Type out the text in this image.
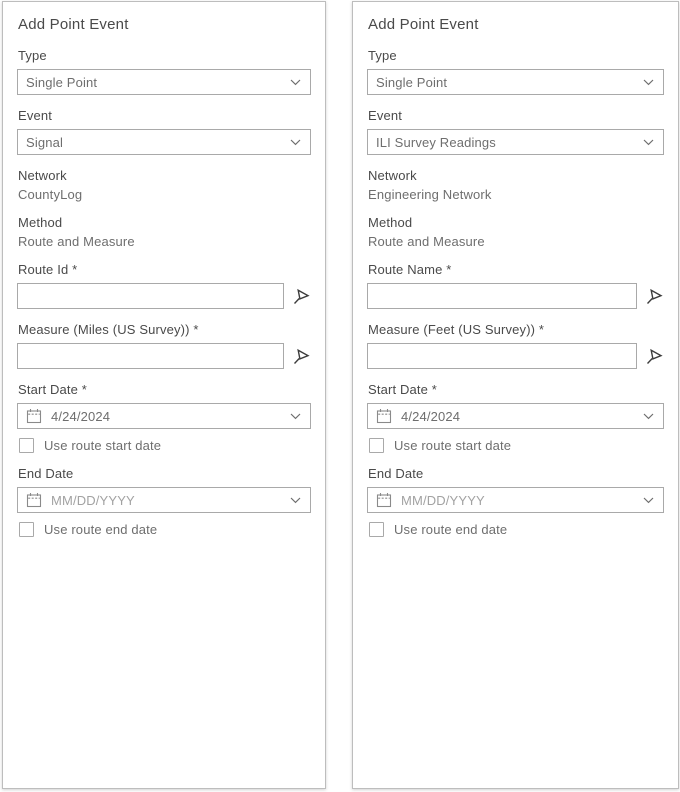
Add Point Event
Type
Single Point
Event
Signal
Network
CountyLog
Method
Route and Measure
Route Id *
Measure (Miles (US Survey)) *
Start Date *
4/24/2024
Use route start date
End Date
MM/DD/YYYY
Use route end date
Add Point Event
Type
Single Point
Event
ILI Survey Readings
Network
Engineering Network
Method
Route and Measure
Route Name *
Measure (Feet (US Survey)) *
Start Date *
4/24/2024
Use route start date
End Date
MM/DD/YYYY
Use route end date
